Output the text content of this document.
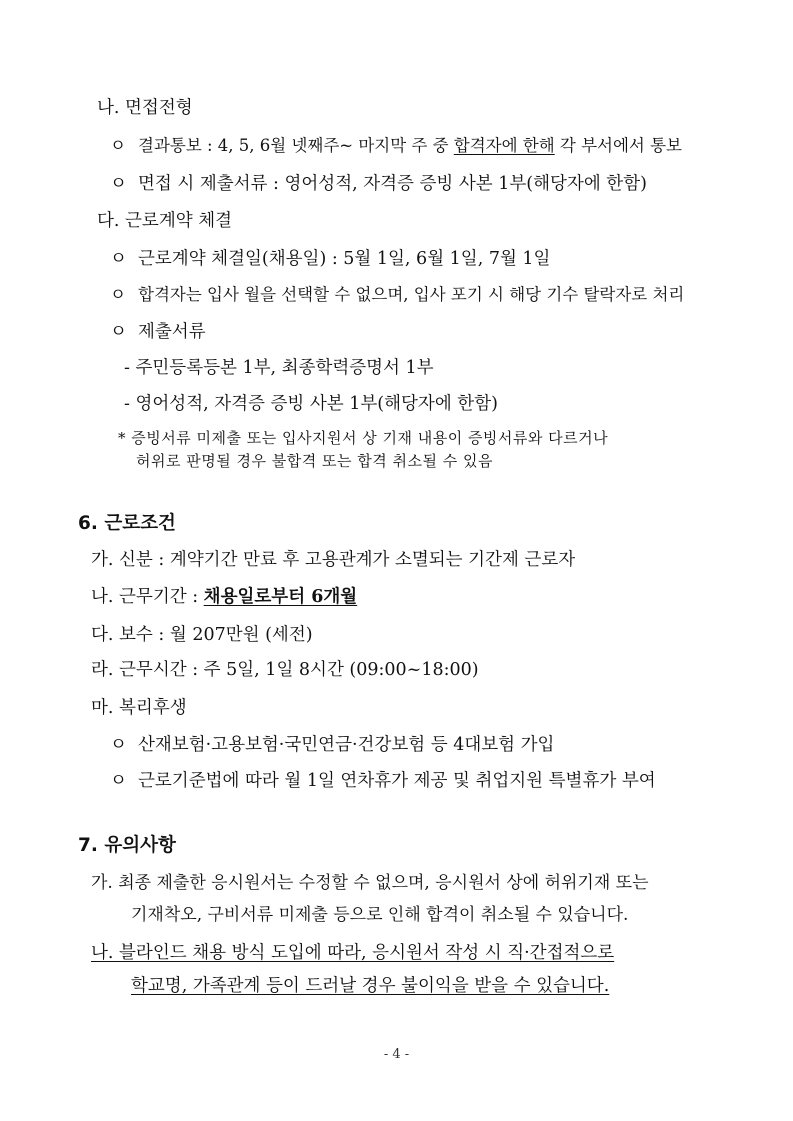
나. 면접전형
ㅇ 결과통보 : 4, 5, 6월 넷째주~ 마지막 주 중 합격자에 한해 각 부서에서 통보
ㅇ 면접 시 제출서류 : 영어성적, 자격증 증빙 사본 1부(해당자에 한함)
다. 근로계약 체결
ㅇ 근로계약 체결일(채용일) : 5월 1일, 6월 1일, 7월 1일
ㅇ 합격자는 입사 월을 선택할 수 없으며, 입사 포기 시 해당 기수 탈락자로 처리
ㅇ 제출서류
- 주민등록등본 1부, 최종학력증명서 1부
- 영어성적, 자격증 증빙 사본 1부(해당자에 한함)
* 증빙서류 미제출 또는 입사지원서 상 기재 내용이 증빙서류와 다르거나
허위로 판명될 경우 불합격 또는 합격 취소될 수 있음
6. 근로조건
가. 신분 : 계약기간 만료 후 고용관계가 소멸되는 기간제 근로자
나. 근무기간 : 채용일로부터 6개월
다. 보수 : 월 207만원 (세전)
라. 근무시간 : 주 5일, 1일 8시간 (09:00~18:00)
마. 복리후생
ㅇ 산재보험·고용보험·국민연금·건강보험 등 4대보험 가입
ㅇ 근로기준법에 따라 월 1일 연차휴가 제공 및 취업지원 특별휴가 부여
7. 유의사항
가. 최종 제출한 응시원서는 수정할 수 없으며, 응시원서 상에 허위기재 또는
기재착오, 구비서류 미제출 등으로 인해 합격이 취소될 수 있습니다.
나. 블라인드 채용 방식 도입에 따라, 응시원서 작성 시 직·간접적으로
학교명, 가족관계 등이 드러날 경우 불이익을 받을 수 있습니다.
- 4 -
